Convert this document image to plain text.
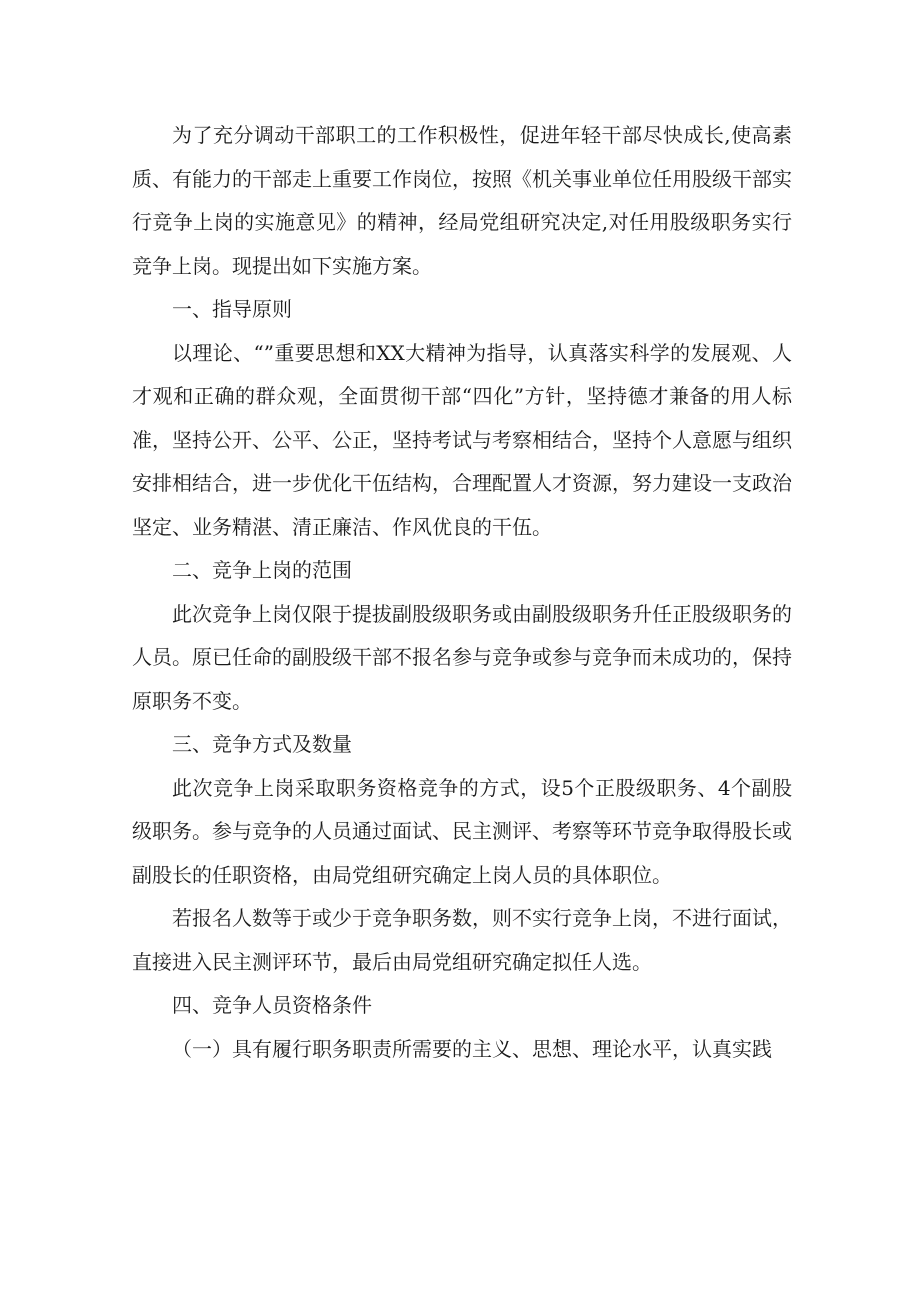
为了充分调动干部职工的工作积极性，促进年轻干部尽快成长,使高素质、有能力的干部走上重要工作岗位，按照《机关事业单位任用股级干部实行竞争上岗的实施意见》的精神，经局党组研究决定,对任用股级职务实行竞争上岗。现提出如下实施方案。

一、指导原则

以理论、“”重要思想和XX大精神为指导，认真落实科学的发展观、人才观和正确的群众观，全面贯彻干部“四化”方针，坚持德才兼备的用人标准，坚持公开、公平、公正，坚持考试与考察相结合，坚持个人意愿与组织安排相结合，进一步优化干伍结构，合理配置人才资源，努力建设一支政治坚定、业务精湛、清正廉洁、作风优良的干伍。

二、竞争上岗的范围

此次竞争上岗仅限于提拔副股级职务或由副股级职务升任正股级职务的人员。原已任命的副股级干部不报名参与竞争或参与竞争而未成功的，保持原职务不变。

三、竞争方式及数量

此次竞争上岗采取职务资格竞争的方式，设5个正股级职务、4个副股级职务。参与竞争的人员通过面试、民主测评、考察等环节竞争取得股长或副股长的任职资格，由局党组研究确定上岗人员的具体职位。

若报名人数等于或少于竞争职务数，则不实行竞争上岗，不进行面试，直接进入民主测评环节，最后由局党组研究确定拟任人选。

四、竞争人员资格条件

（一）具有履行职务职责所需要的主义、思想、理论水平，认真实践
